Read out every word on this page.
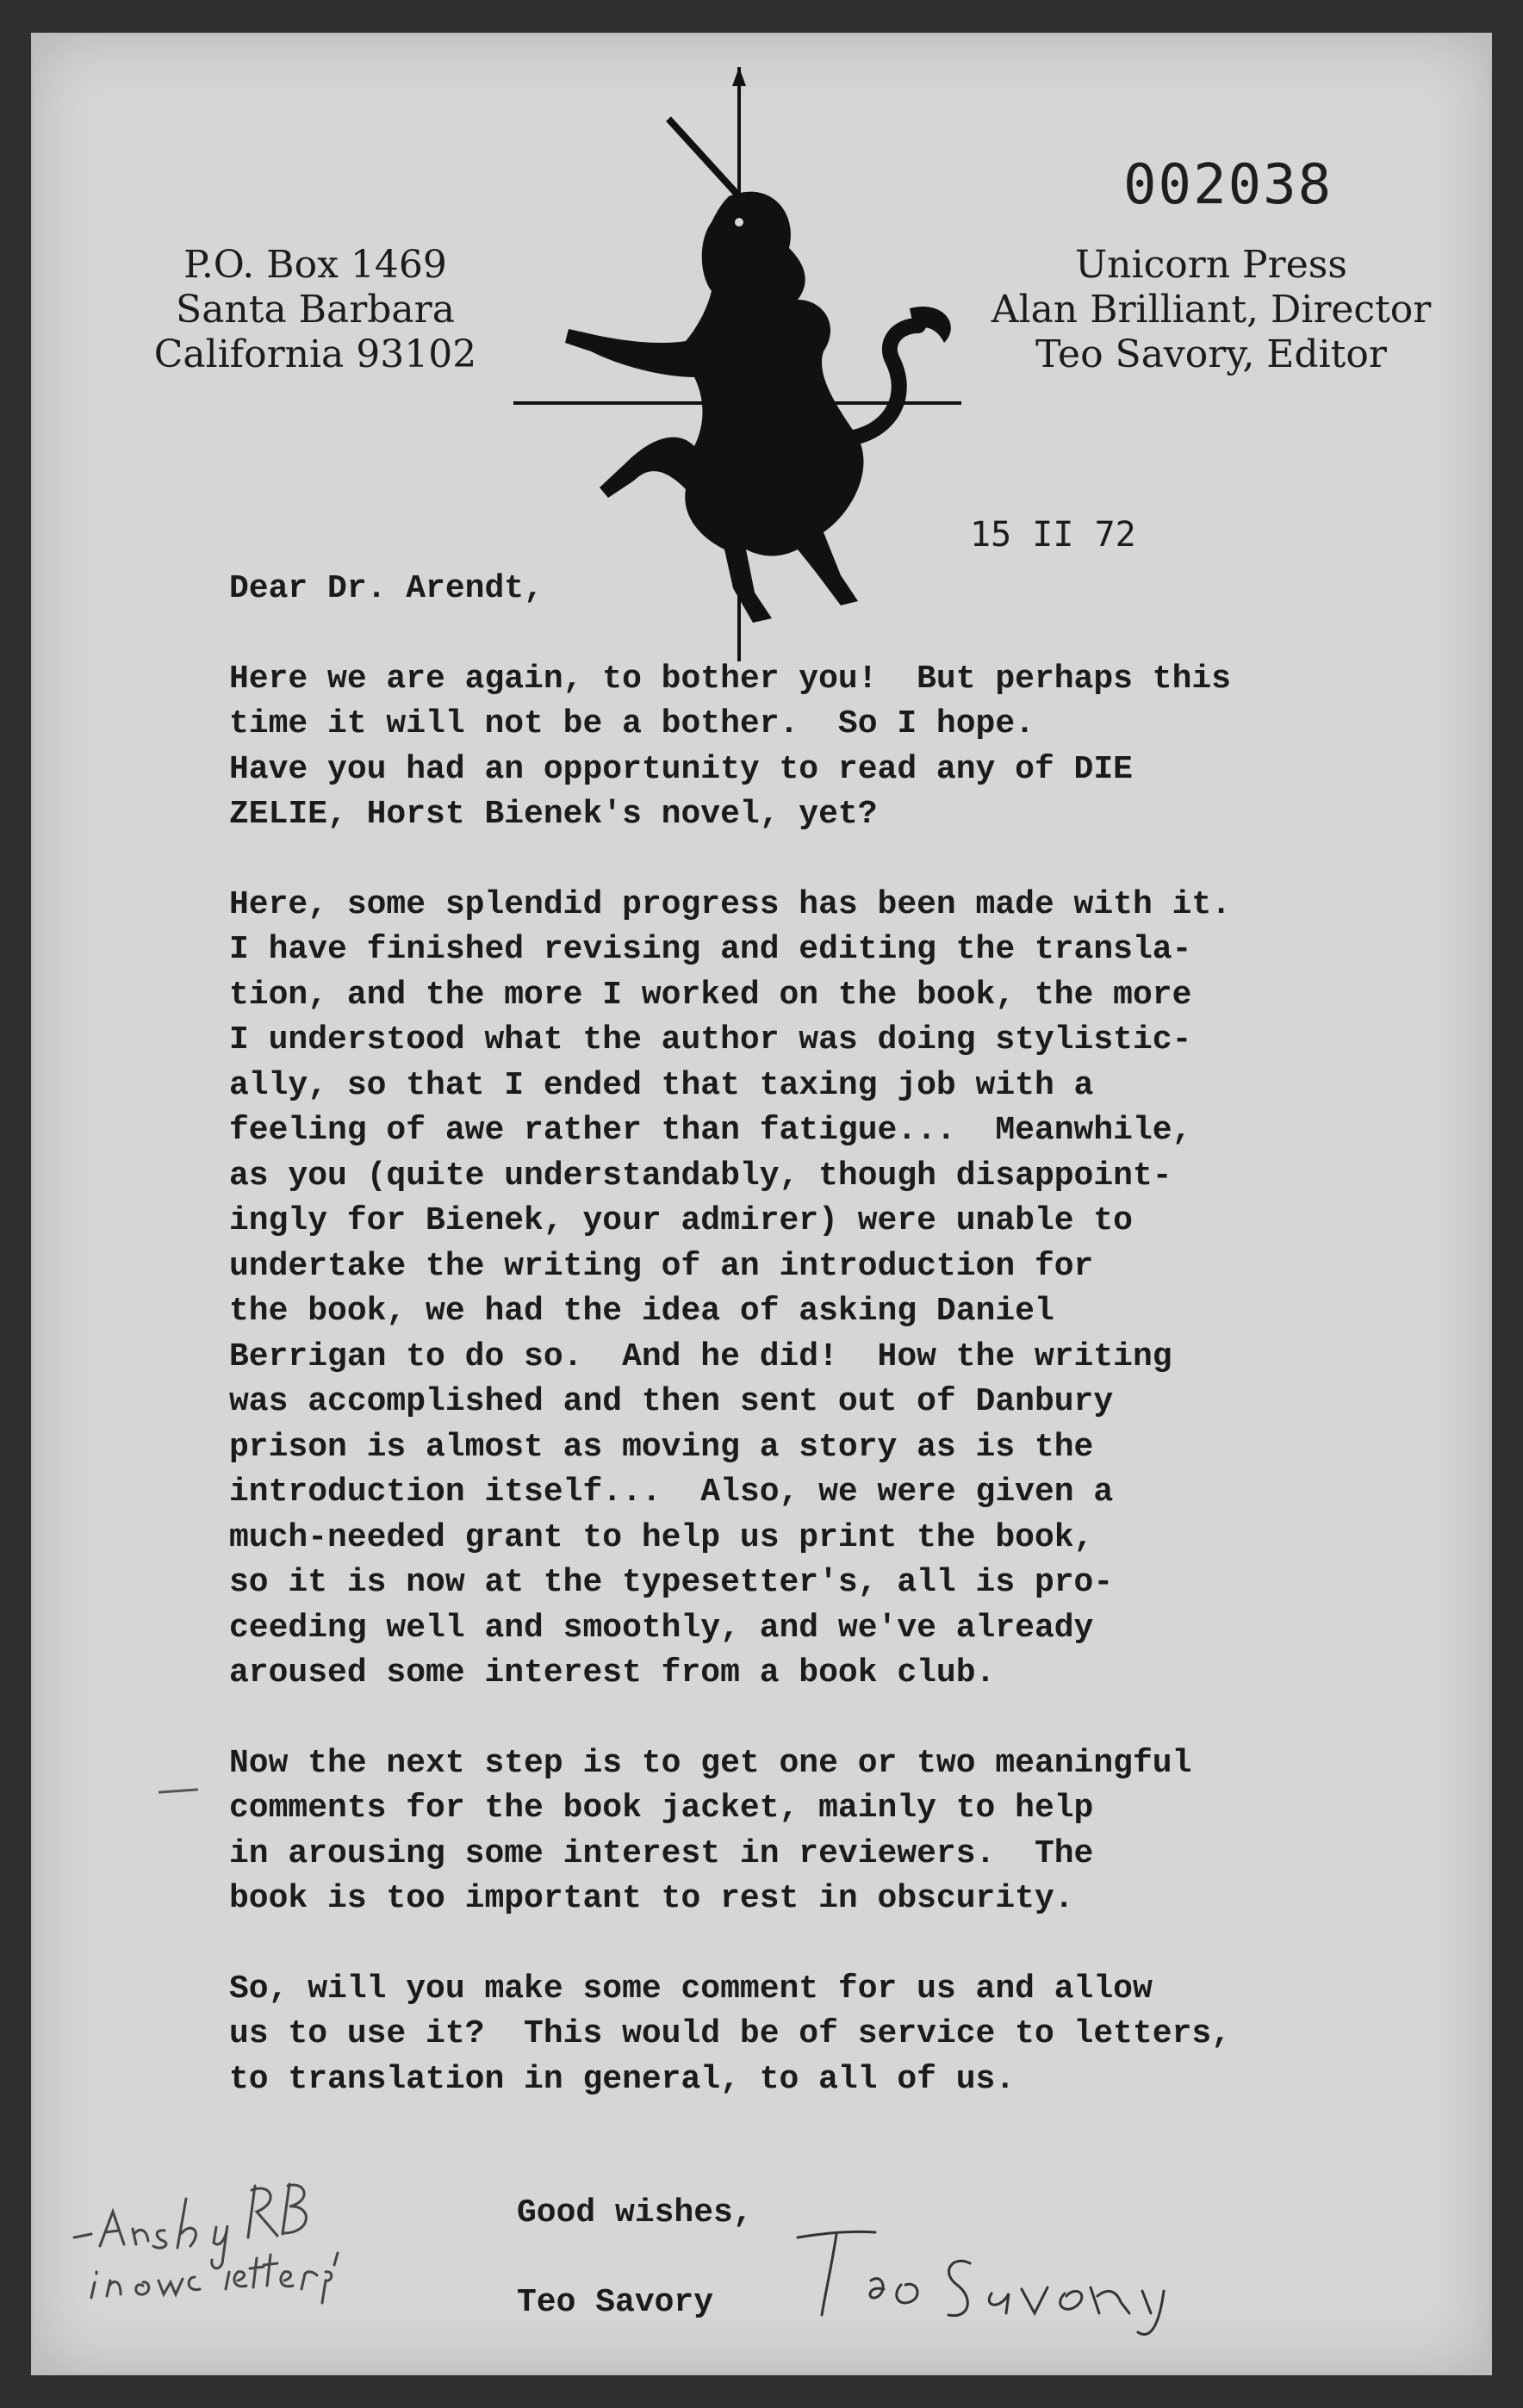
002038
P.O. Box 1469
Santa Barbara
California 93102
Unicorn Press
Alan Brilliant, Director
Teo Savory, Editor
15 II 72
Dear Dr. Arendt,
Here we are again, to bother you!  But perhaps this
time it will not be a bother.  So I hope.
Have you had an opportunity to read any of DIE
ZELIE, Horst Bienek's novel, yet?
Here, some splendid progress has been made with it.
I have finished revising and editing the transla-
tion, and the more I worked on the book, the more
I understood what the author was doing stylistic-
ally, so that I ended that taxing job with a
feeling of awe rather than fatigue...  Meanwhile,
as you (quite understandably, though disappoint-
ingly for Bienek, your admirer) were unable to
undertake the writing of an introduction for
the book, we had the idea of asking Daniel
Berrigan to do so.  And he did!  How the writing
was accomplished and then sent out of Danbury
prison is almost as moving a story as is the
introduction itself...  Also, we were given a
much-needed grant to help us print the book,
so it is now at the typesetter's, all is pro-
ceeding well and smoothly, and we've already
aroused some interest from a book club.
Now the next step is to get one or two meaningful
comments for the book jacket, mainly to help
in arousing some interest in reviewers.  The
book is too important to rest in obscurity.
So, will you make some comment for us and allow
us to use it?  This would be of service to letters,
to translation in general, to all of us.
Good wishes,
Teo Savory
